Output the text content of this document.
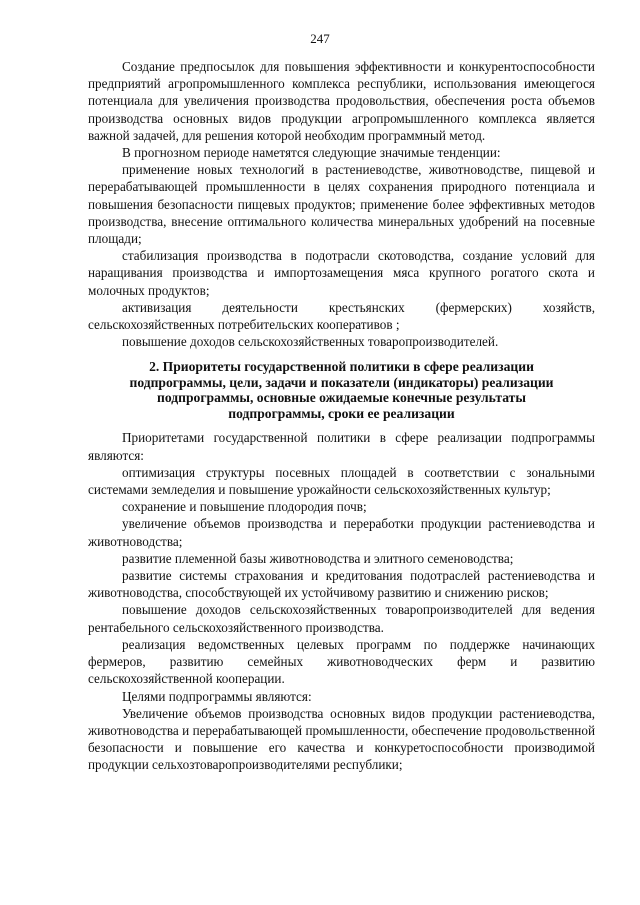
247

Создание предпосылок для повышения эффективности и конкурентоспособности предприятий агропромышленного комплекса республики, использования имеющегося потенциала для увеличения производства продовольствия, обеспечения роста объемов производства основных видов продукции агропромышленного комплекса является важной задачей, для решения которой необходим программный метод.

В прогнозном периоде наметятся следующие значимые тенденции:

применение новых технологий в растениеводстве, животноводстве, пищевой и перерабатывающей промышленности в целях сохранения природного потенциала и повышения безопасности пищевых продуктов; применение более эффективных методов производства, внесение оптимального количества минеральных удобрений на посевные площади;

стабилизация производства в подотрасли скотоводства, создание условий для наращивания производства и импортозамещения мяса крупного рогатого скота и молочных продуктов;

активизация деятельности крестьянских (фермерских) хозяйств, сельскохозяйственных потребительских кооперативов ;

повышение доходов сельскохозяйственных товаропроизводителей.

2. Приоритеты государственной политики в сфере реализации
подпрограммы, цели, задачи и показатели (индикаторы) реализации
подпрограммы, основные ожидаемые конечные результаты
подпрограммы, сроки ее реализации

Приоритетами государственной политики в сфере реализации подпрограммы являются:

оптимизация структуры посевных площадей в соответствии с зональными системами земледелия и повышение урожайности сельскохозяйственных культур;

сохранение и повышение плодородия почв;

увеличение объемов производства и переработки продукции растениеводства и животноводства;

развитие племенной базы животноводства и элитного семеноводства;

развитие системы страхования и кредитования подотраслей растениеводства и животноводства, способствующей их устойчивому развитию и снижению рисков;

повышение доходов сельскохозяйственных товаропроизводителей для ведения рентабельного сельскохозяйственного производства.

реализация ведомственных целевых программ по поддержке начинающих фермеров, развитию семейных животноводческих ферм и развитию сельскохозяйственной кооперации.

Целями подпрограммы являются:

Увеличение объемов производства основных видов продукции растениеводства, животноводства и перерабатывающей промышленности, обеспечение продовольственной безопасности и повышение его качества и конкуретоспособности производимой продукции сельхозтоваропроизводителями республики;
